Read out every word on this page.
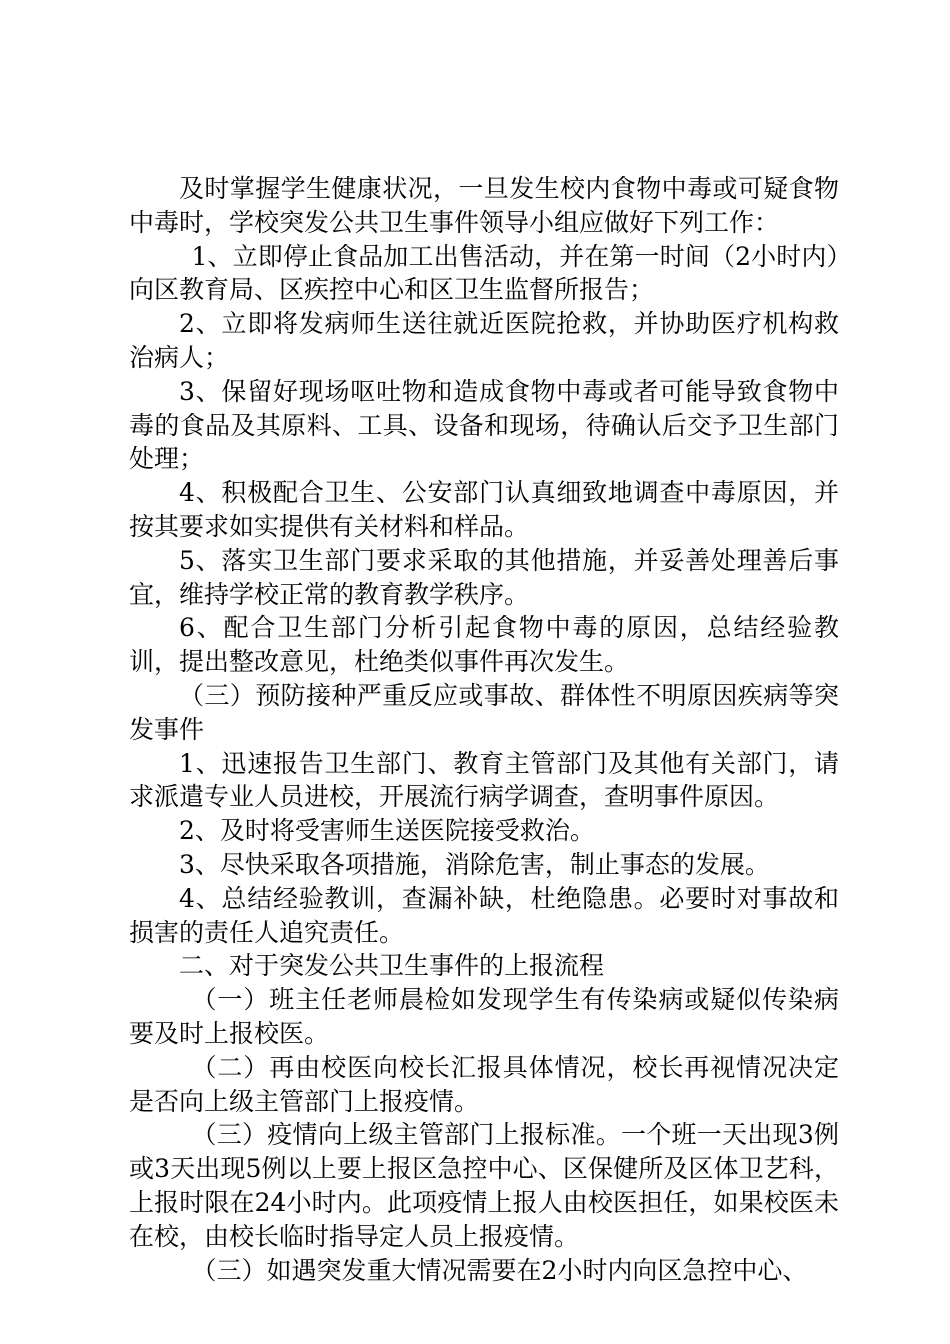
及时掌握学生健康状况，一旦发生校内食物中毒或可疑食物中毒时，学校突发公共卫生事件领导小组应做好下列工作：

1、立即停止食品加工出售活动，并在第一时间（2小时内）向区教育局、区疾控中心和区卫生监督所报告；

2、立即将发病师生送往就近医院抢救，并协助医疗机构救治病人；

3、保留好现场呕吐物和造成食物中毒或者可能导致食物中毒的食品及其原料、工具、设备和现场，待确认后交予卫生部门处理；

4、积极配合卫生、公安部门认真细致地调查中毒原因，并按其要求如实提供有关材料和样品。

5、落实卫生部门要求采取的其他措施，并妥善处理善后事宜，维持学校正常的教育教学秩序。

6、配合卫生部门分析引起食物中毒的原因，总结经验教训，提出整改意见，杜绝类似事件再次发生。

（三）预防接种严重反应或事故、群体性不明原因疾病等突发事件

1、迅速报告卫生部门、教育主管部门及其他有关部门，请求派遣专业人员进校，开展流行病学调查，查明事件原因。

2、及时将受害师生送医院接受救治。

3、尽快采取各项措施，消除危害，制止事态的发展。

4、总结经验教训，查漏补缺，杜绝隐患。必要时对事故和损害的责任人追究责任。

二、对于突发公共卫生事件的上报流程

（一）班主任老师晨检如发现学生有传染病或疑似传染病要及时上报校医。

（二）再由校医向校长汇报具体情况，校长再视情况决定是否向上级主管部门上报疫情。

（三）疫情向上级主管部门上报标准。一个班一天出现3例或3天出现5例以上要上报区急控中心、区保健所及区体卫艺科，上报时限在24小时内。此项疫情上报人由校医担任，如果校医未在校，由校长临时指导定人员上报疫情。

（三）如遇突发重大情况需要在2小时内向区急控中心、
